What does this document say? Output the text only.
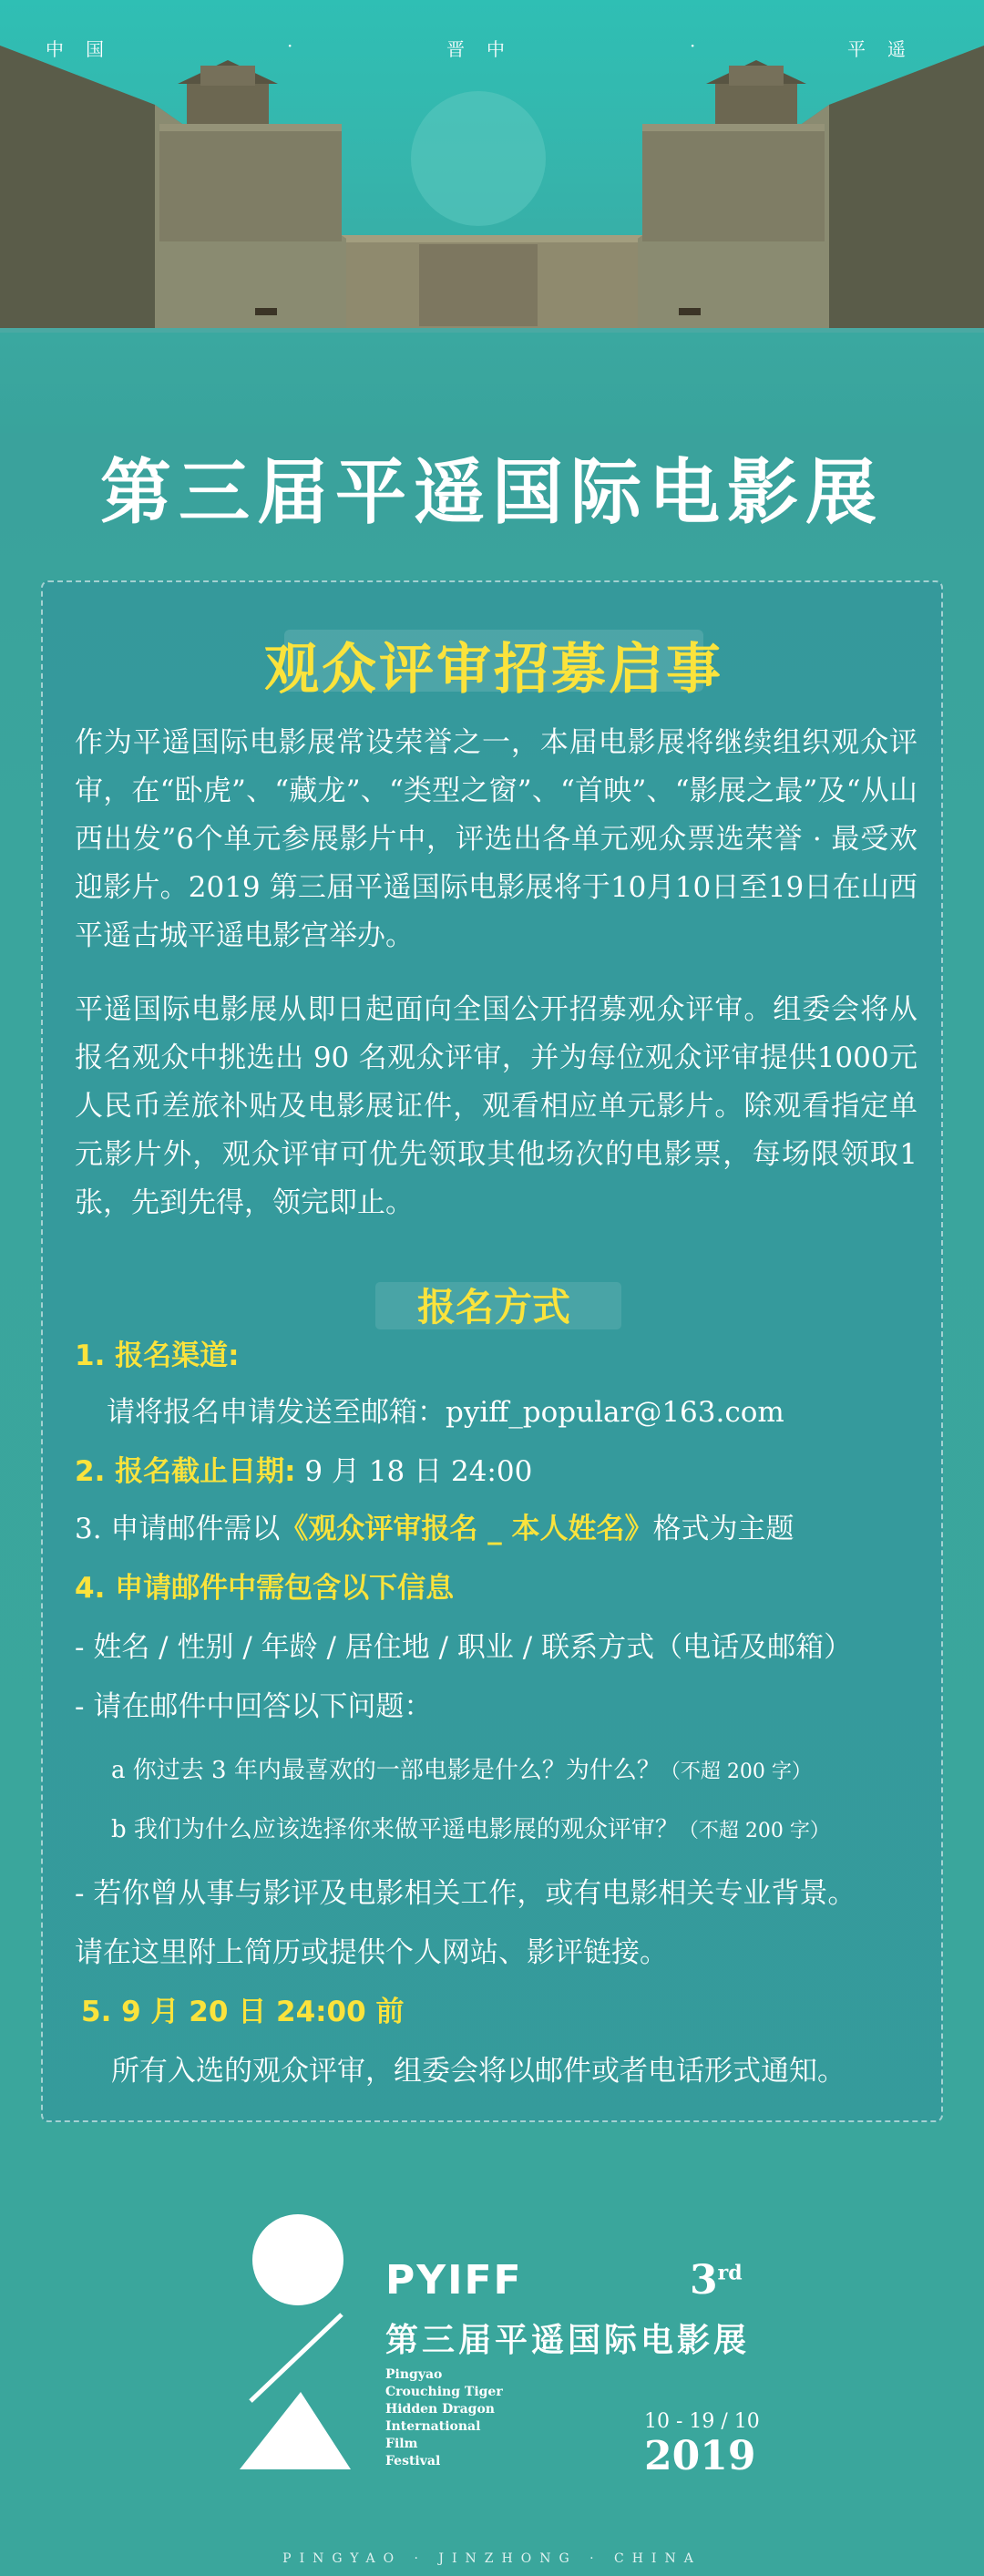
中　国	·	晋　中	·	平　遥
第三届平遥国际电影展
观众评审招募启事

作为平遥国际电影展常设荣誉之一，本届电影展将继续组织观众评审，在“卧虎”、“藏龙”、“类型之窗”、“首映”、“影展之最”及“从山西出发”6个单元参展影片中，评选出各单元观众票选荣誉 · 最受欢迎影片。2019 第三届平遥国际电影展将于10月10日至19日在山西平遥古城平遥电影宫举办。

平遥国际电影展从即日起面向全国公开招募观众评审。组委会将从报名观众中挑选出 90 名观众评审，并为每位观众评审提供1000元人民币差旅补贴及电影展证件，观看相应单元影片。除观看指定单元影片外，观众评审可优先领取其他场次的电影票，每场限领取1张，先到先得，领完即止。

报名方式
1. 报名渠道:
请将报名申请发送至邮箱：pyiff_popular@163.com
2. 报名截止日期: 9 月 18 日 24:00
3. 申请邮件需以《观众评审报名 _ 本人姓名》格式为主题
4. 申请邮件中需包含以下信息
- 姓名 / 性别 / 年龄 / 居住地 / 职业 / 联系方式（电话及邮箱）
- 请在邮件中回答以下问题：
a 你过去 3 年内最喜欢的一部电影是什么？为什么？（不超 200 字）
b 我们为什么应该选择你来做平遥电影展的观众评审？（不超 200 字）
- 若你曾从事与影评及电影相关工作，或有电影相关专业背景。
请在这里附上简历或提供个人网站、影评链接。
5. 9 月 20 日 24:00 前
所有入选的观众评审，组委会将以邮件或者电话形式通知。
PYIFF	3rd
第三届平遥国际电影展
Pingyao
Crouching Tiger
Hidden Dragon
International
Film
Festival
10 - 19 / 10
2019
PINGYAO · JINZHONG · CHINA
